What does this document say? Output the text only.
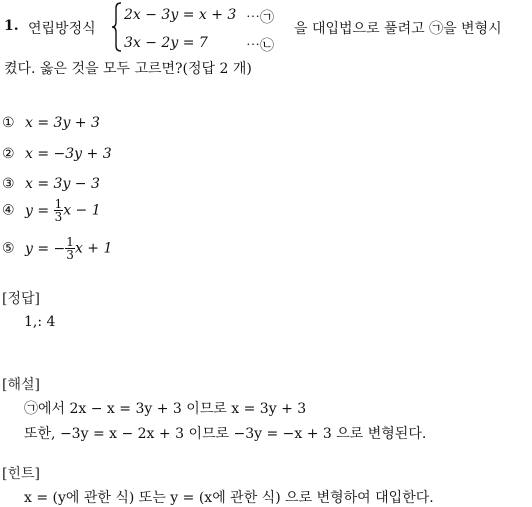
1. 연립방정식
2x − 3y = x + 3 ⋯㉠
3x − 2y = 7	⋯㉡
을 대입법으로 풀려고 ㉠을 변형시
켰다. 옳은 것을 모두 고르면?(정답 2 개)
① x = 3y + 3
② x = −3y + 3
③ x = 3y − 3
④ $y = \frac{1}{3}$ x − 1
⑤ y = − $\frac{1}{3}$ x + 1
[정답]
1,: 4
[해설]
㉠에서 2x − x = 3y + 3 이므로 x = 3y + 3
또한, −3y = x − 2x + 3 이므로 −3y = −x + 3 으로 변형된다.
[힌트]
x = (y에 관한 식) 또는 y = (x에 관한 식) 으로 변형하여 대입한다.
